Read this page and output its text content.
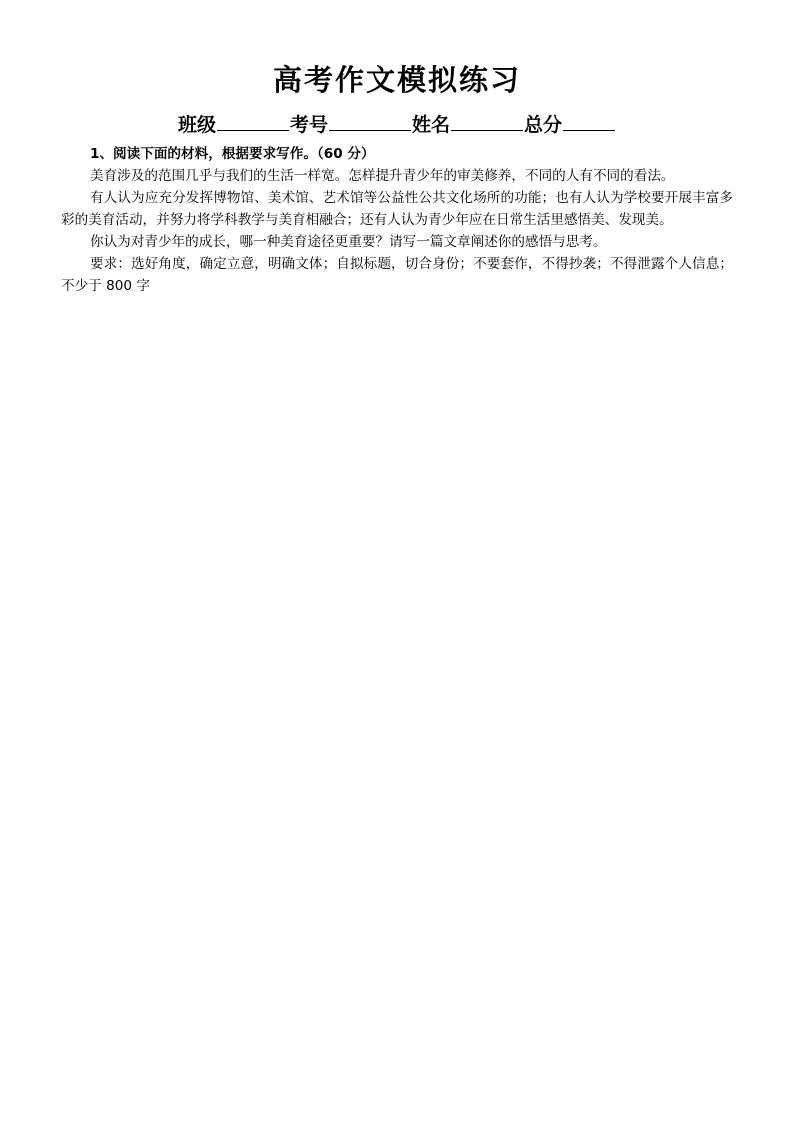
高考作文模拟练习
班级	考号	姓名	总分

1、阅读下面的材料，根据要求写作。（60 分）

美育涉及的范围几乎与我们的生活一样宽。怎样提升青少年的审美修养，不同的人有不同的看法。

有人认为应充分发挥博物馆、美术馆、艺术馆等公益性公共文化场所的功能；也有人认为学校要开展丰富多彩的美育活动，并努力将学科教学与美育相融合；还有人认为青少年应在日常生活里感悟美、发现美。

你认为对青少年的成长，哪一种美育途径更重要？请写一篇文章阐述你的感悟与思考。

要求：选好角度，确定立意，明确文体；自拟标题，切合身份；不要套作，不得抄袭；不得泄露个人信息；不少于 800 字
